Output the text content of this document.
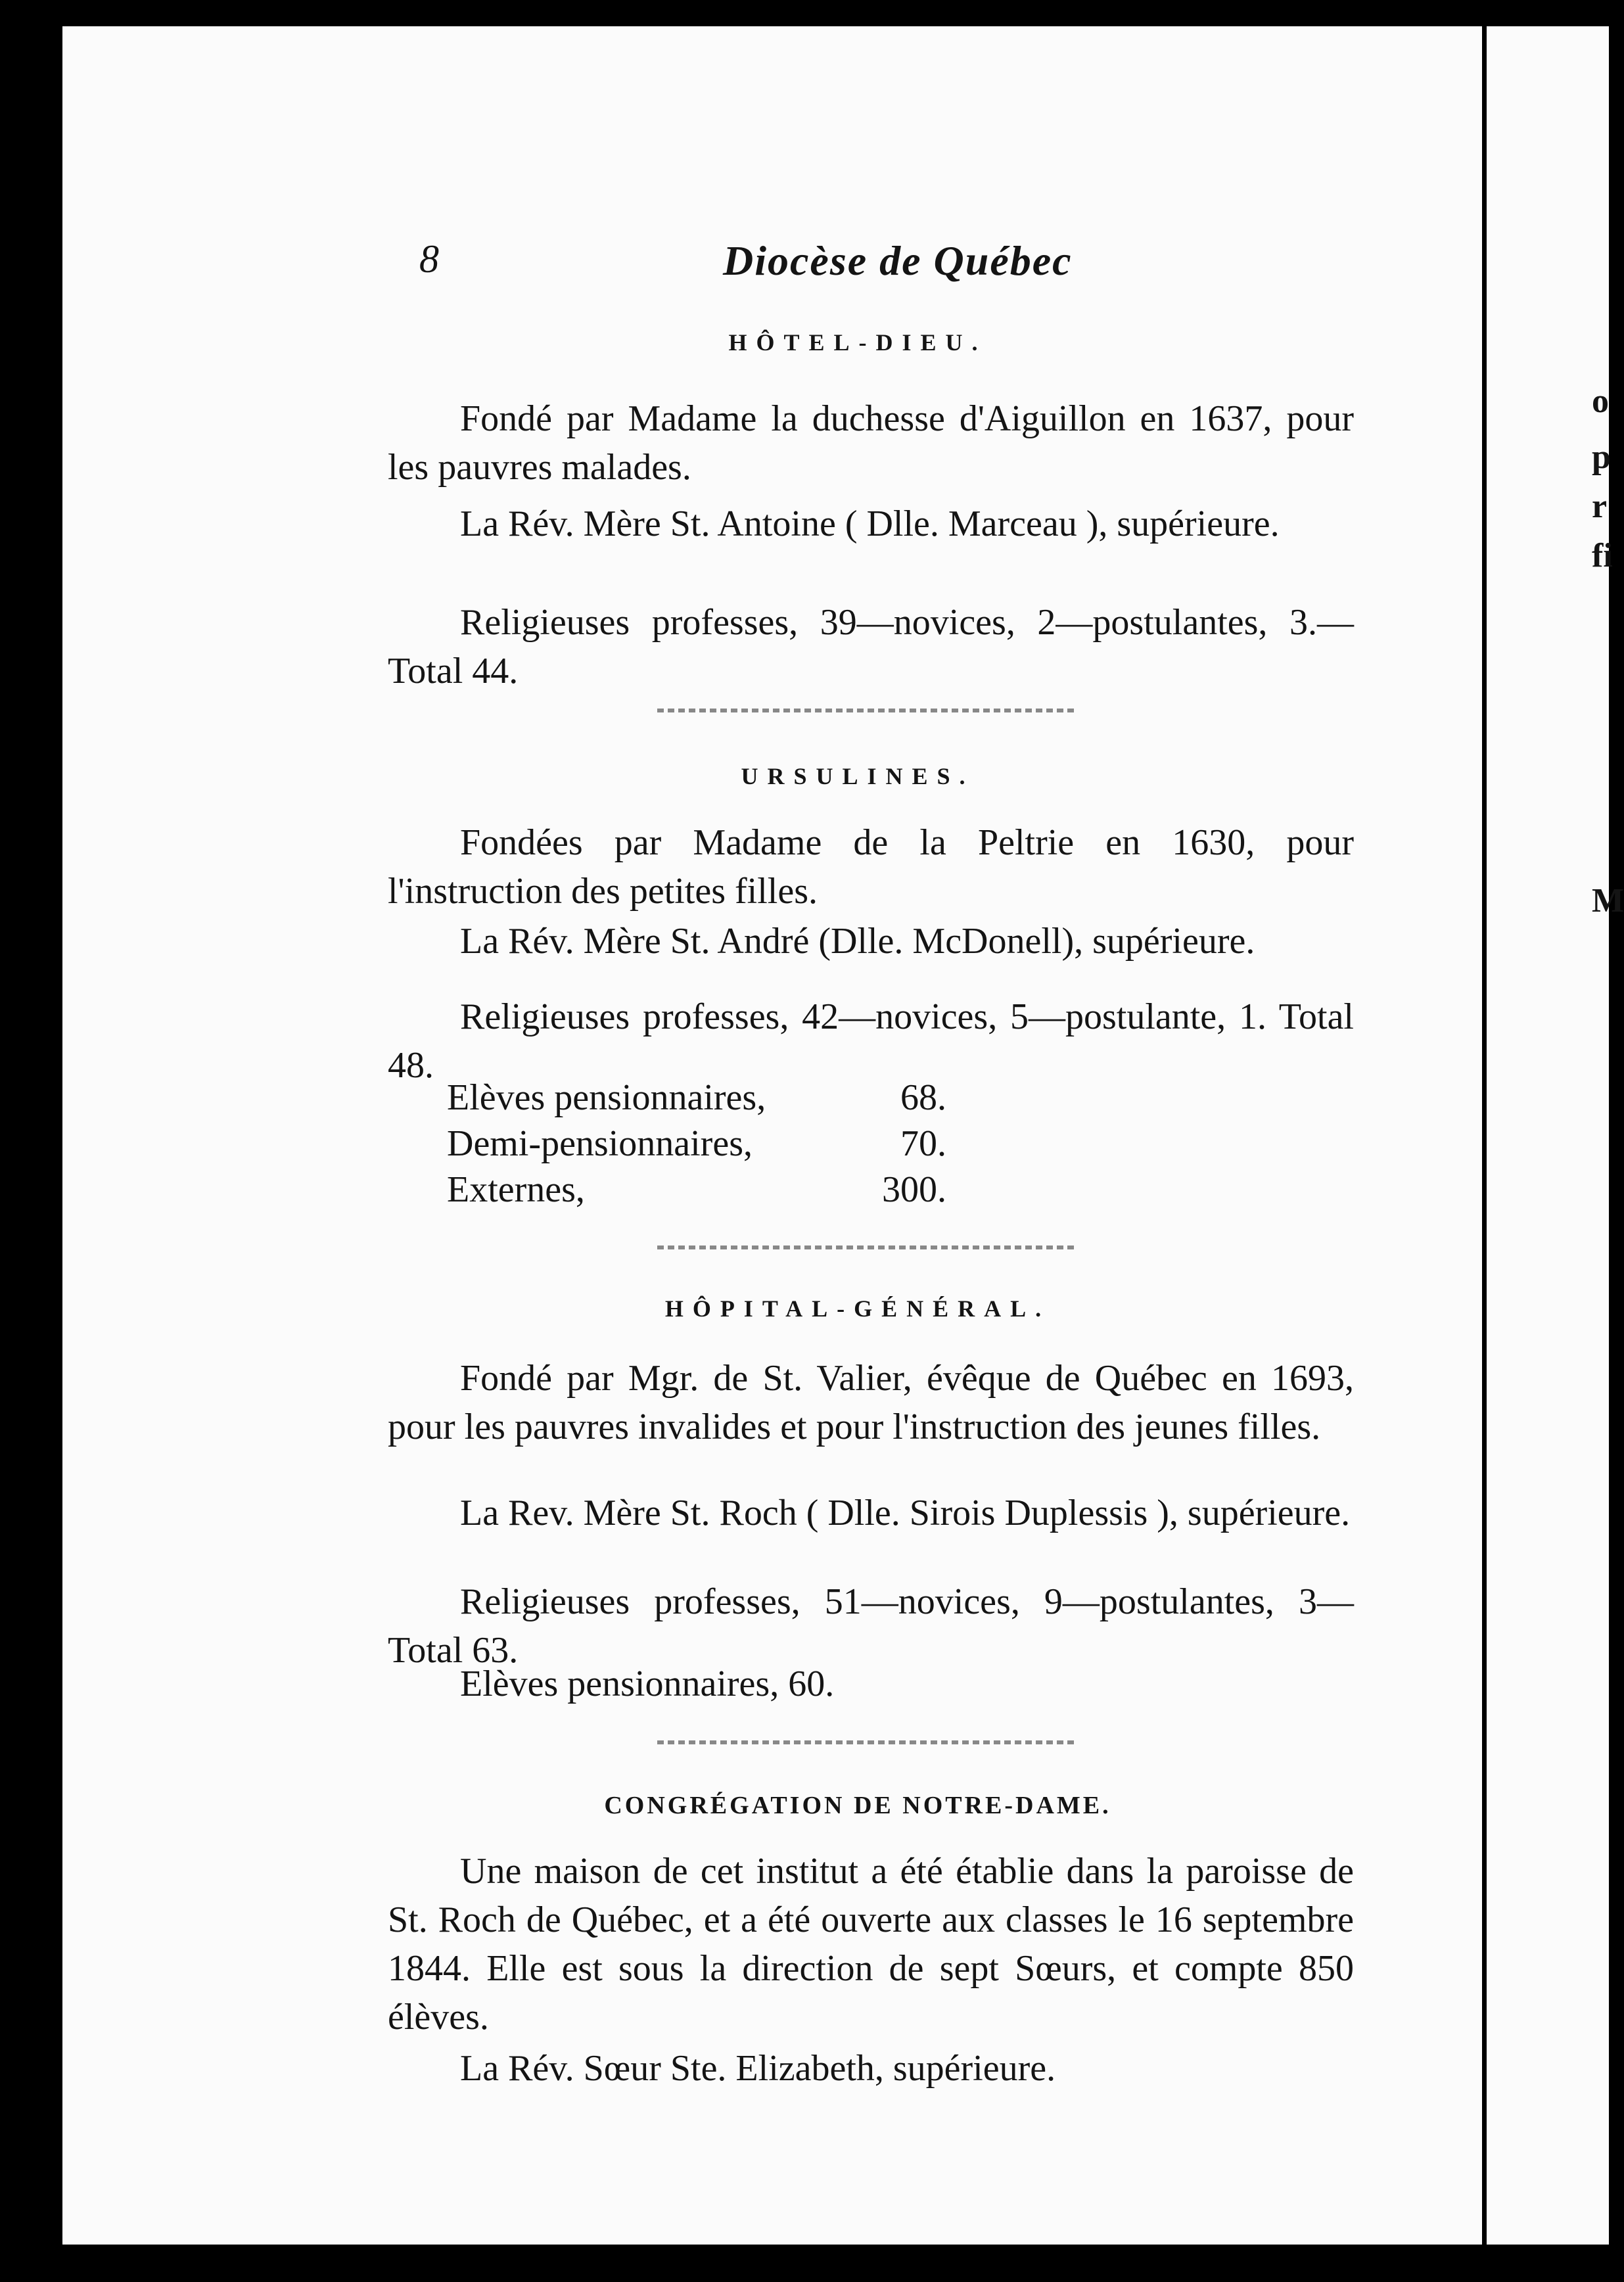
o
p
r
fi
M
8	Diocèse de Québec
HÔTEL-DIEU.
Fondé par Madame la duchesse d'Aiguillon en 1637, pour les pauvres malades.
La Rév. Mère St. Antoine ( Dlle. Marceau ), supérieure.
Religieuses professes, 39—novices, 2—postulantes, 3.—Total 44.
URSULINES.
Fondées par Madame de la Peltrie en 1630, pour l'instruction des petites filles.
La Rév. Mère St. André (Dlle. McDonell), supérieure.
Religieuses professes, 42—novices, 5—postulante, 1. Total 48.
Elèves pensionnaires,	68.
Demi-pensionnaires,	70.
Externes,	300.
HÔPITAL-GÉNÉRAL.
Fondé par Mgr. de St. Valier, évêque de Québec en 1693, pour les pauvres invalides et pour l'instruction des jeunes filles.
La Rev. Mère St. Roch ( Dlle. Sirois Duplessis ), supérieure.
Religieuses professes, 51—novices, 9—postulantes, 3—Total 63.
Elèves pensionnaires, 60.
CONGRÉGATION DE NOTRE-DAME.
Une maison de cet institut a été établie dans la paroisse de St. Roch de Québec, et a été ouverte aux classes le 16 septembre 1844. Elle est sous la direction de sept Sœurs, et compte 850 élèves.
La Rév. Sœur Ste. Elizabeth, supérieure.
